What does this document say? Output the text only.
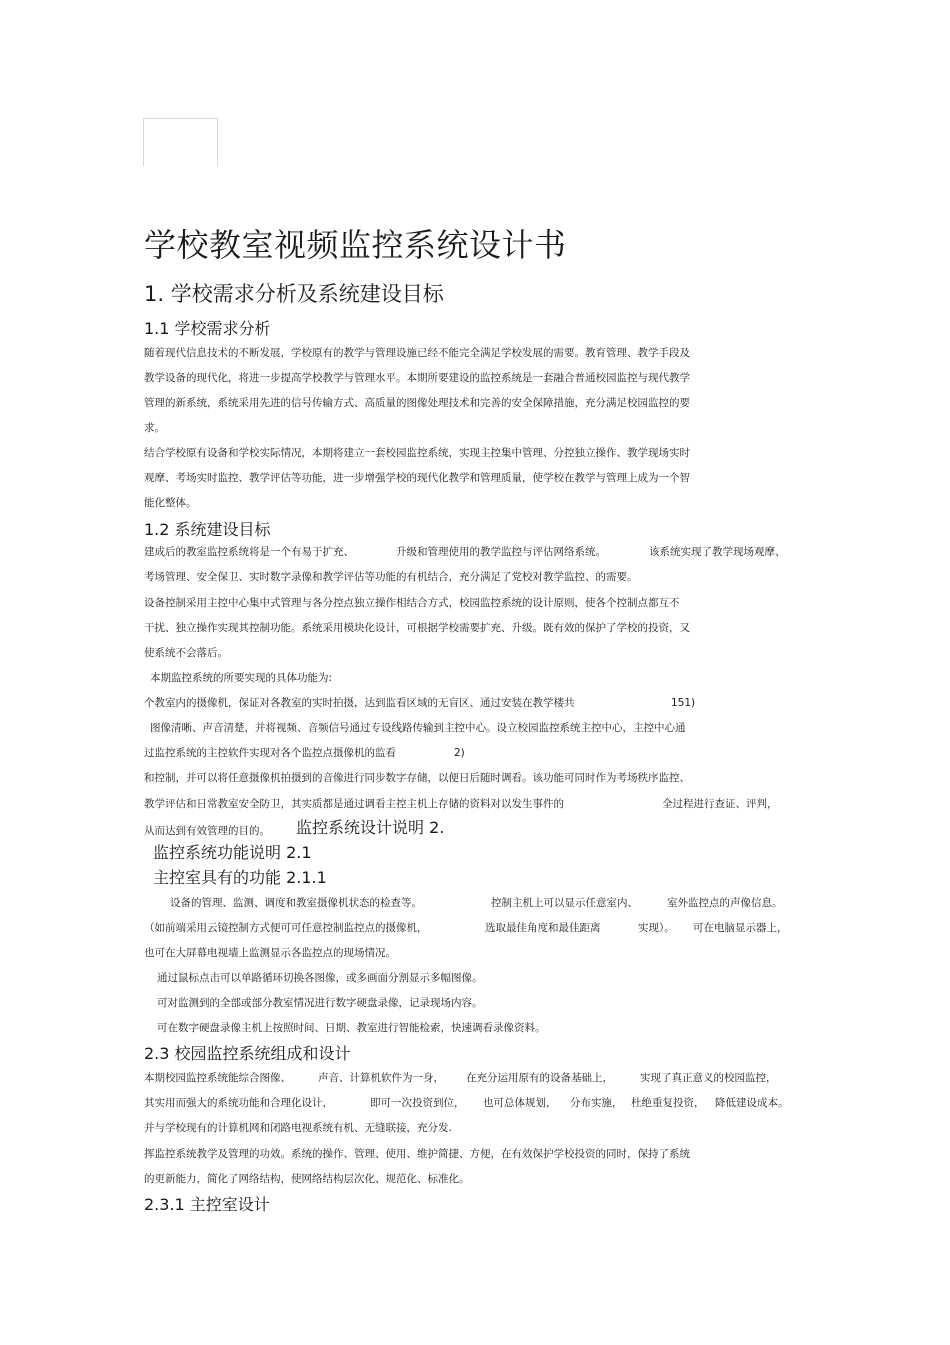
学校教室视频监控系统设计书
1. 学校需求分析及系统建设目标
1.1 学校需求分析
随着现代信息技术的不断发展，学校原有的教学与管理设施已经不能完全满足学校发展的需要。教育管理、教学手段及
教学设备的现代化，将进一步提高学校教学与管理水平。本期所要建设的监控系统是一套融合普通校园监控与现代教学
管理的新系统，系统采用先进的信号传输方式、高质量的图像处理技术和完善的安全保障措施，充分满足校园监控的要
求。
结合学校原有设备和学校实际情况，本期将建立一套校园监控系统，实现主控集中管理、分控独立操作、教学现场实时
观摩、考场实时监控、教学评估等功能，进一步增强学校的现代化教学和管理质量，使学校在教学与管理上成为一个智
能化整体。
1.2 系统建设目标
建成后的教室监控系统将是一个有易于扩充、	升级和管理使用的教学监控与评估网络系统。	该系统实现了教学现场观摩、
考场管理、安全保卫、实时数字录像和教学评估等功能的有机结合，充分满足了党校对教学监控、的需要。
设备控制采用主控中心集中式管理与各分控点独立操作相结合方式，校园监控系统的设计原则，使各个控制点都互不
干扰、独立操作实现其控制功能。系统采用模块化设计，可根据学校需要扩充、升级。既有效的保护了学校的投资，又
使系统不会落后。
本期监控系统的所要实现的具体功能为:
个教室内的摄像机，保证对各教室的实时拍摄，达到监看区域的无盲区、通过安装在教学楼共	151)
图像清晰、声音清楚，并将视频、音频信号通过专设线路传输到主控中心。设立校园监控系统主控中心，主控中心通
过监控系统的主控软件实现对各个监控点摄像机的监看	2)
和控制，并可以将任意摄像机拍摄到的音像进行同步数字存储，以便日后随时调看。该功能可同时作为考场秩序监控、
教学评估和日常教室安全防卫，其实质都是通过调看主控主机上存储的资料对以发生事件的	全过程进行查证、评判，
从而达到有效管理的目的。 监控系统设计说明 2.
监控系统功能说明 2.1
主控室具有的功能 2.1.1
设备的管理、监测、调度和教室摄像机状态的检查等。	控制主机上可以显示任意室内、	室外监控点的声像信息。
（如前端采用云镜控制方式便可可任意控制监控点的摄像机，	选取最佳角度和最佳距离	实现）。 可在电脑显示器上，
也可在大屏幕电视墙上监测显示各监控点的现场情况。
通过鼠标点击可以单路循环切换各图像，或多画面分割显示多幅图像。
可对监测到的全部或部分教室情况进行数字硬盘录像，记录现场内容。
可在数字硬盘录像主机上按照时间、日期、教室进行智能检索，快速调看录像资料。
2.3 校园监控系统组成和设计
本期校园监控系统能综合图像、	声音、计算机软件为一身， 在充分运用原有的设备基础上，	实现了真正意义的校园监控，
其实用而强大的系统功能和合理化设计，	即可一次投资到位， 也可总体规划， 分布实施， 杜绝重复投资， 降低建设成本。
并与学校现有的计算机网和闭路电视系统有机、无缝联接，充分发.
挥监控系统教学及管理的功效。系统的操作、管理、使用、维护简捷、方便，在有效保护学校投资的同时，保持了系统
的更新能力，简化了网络结构，使网络结构层次化、规范化、标准化。
2.3.1 主控室设计
